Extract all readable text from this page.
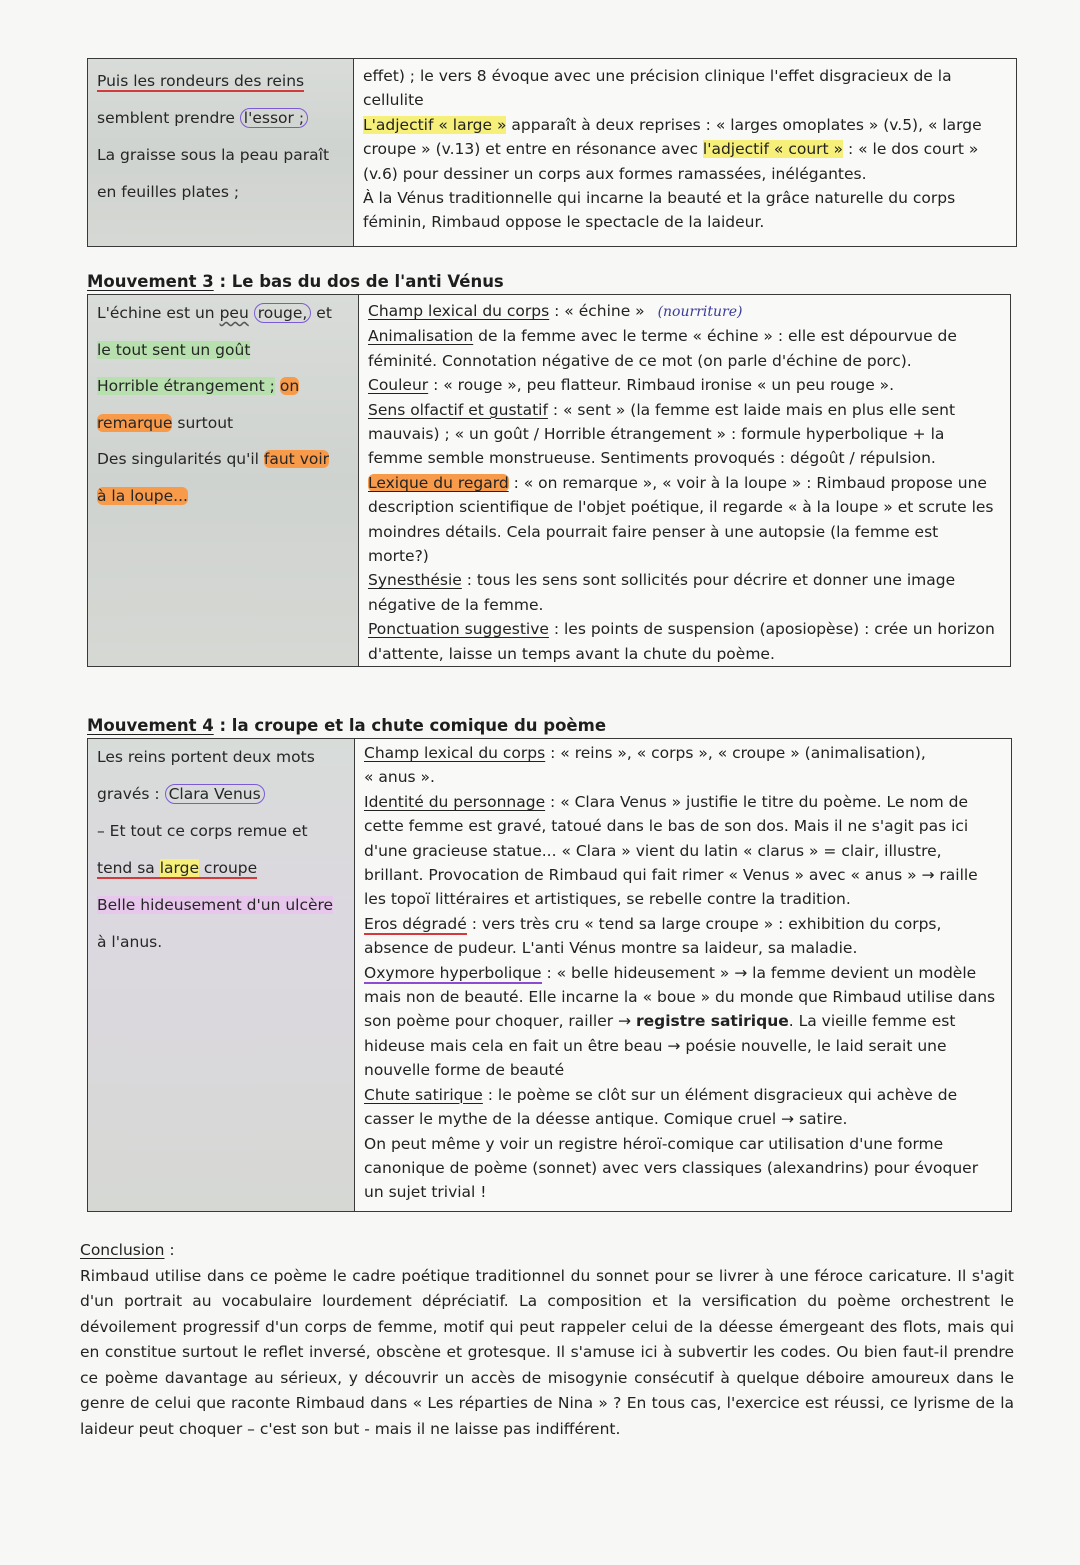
Puis les rondeurs des reins
semblent prendre l'essor ;
La graisse sous la peau paraît
en feuilles plates ;

effet) ; le vers 8 évoque avec une précision clinique l'effet disgracieux de la

cellulite

L'adjectif « large » apparaît à deux reprises : « larges omoplates » (v.5), « large

croupe » (v.13) et entre en résonance avec l'adjectif « court » : « le dos court »

(v.6) pour dessiner un corps aux formes ramassées, inélégantes.

À la Vénus traditionnelle qui incarne la beauté et la grâce naturelle du corps

féminin, Rimbaud oppose le spectacle de la laideur.

Mouvement 3 : Le bas du dos de l'anti Vénus
L'échine est un peu rouge, et
le tout sent un goût
Horrible étrangement ; on
remarque surtout
Des singularités qu'il faut voir
à la loupe...

Champ lexical du corps : « échine » (nourriture)

Animalisation de la femme avec le terme « échine » : elle est dépourvue de

féminité. Connotation négative de ce mot (on parle d'échine de porc).

Couleur : « rouge », peu flatteur. Rimbaud ironise « un peu rouge ».

Sens olfactif et gustatif : « sent » (la femme est laide mais en plus elle sent

mauvais) ; « un goût / Horrible étrangement » : formule hyperbolique + la

femme semble monstrueuse. Sentiments provoqués : dégoût / répulsion.

Lexique du regard : « on remarque », « voir à la loupe » : Rimbaud propose une

description scientifique de l'objet poétique, il regarde « à la loupe » et scrute les

moindres détails. Cela pourrait faire penser à une autopsie (la femme est

morte?)

Synesthésie : tous les sens sont sollicités pour décrire et donner une image

négative de la femme.

Ponctuation suggestive : les points de suspension (aposiopèse) : crée un horizon

d'attente, laisse un temps avant la chute du poème.

Mouvement 4 : la croupe et la chute comique du poème
Les reins portent deux mots
gravés : Clara Venus
– Et tout ce corps remue et
tend sa large croupe
Belle hideusement d'un ulcère
à l'anus.

Champ lexical du corps : « reins », « corps », « croupe » (animalisation),

« anus ».

Identité du personnage : « Clara Venus » justifie le titre du poème. Le nom de

cette femme est gravé, tatoué dans le bas de son dos. Mais il ne s'agit pas ici

d'une gracieuse statue... « Clara » vient du latin « clarus » = clair, illustre,

brillant. Provocation de Rimbaud qui fait rimer « Venus » avec « anus » → raille

les topoï littéraires et artistiques, se rebelle contre la tradition.

Eros dégradé : vers très cru « tend sa large croupe » : exhibition du corps,

absence de pudeur. L'anti Vénus montre sa laideur, sa maladie.

Oxymore hyperbolique : « belle hideusement » → la femme devient un modèle

mais non de beauté. Elle incarne la « boue » du monde que Rimbaud utilise dans

son poème pour choquer, railler → registre satirique. La vieille femme est

hideuse mais cela en fait un être beau → poésie nouvelle, le laid serait une

nouvelle forme de beauté

Chute satirique : le poème se clôt sur un élément disgracieux qui achève de

casser le mythe de la déesse antique. Comique cruel → satire.

On peut même y voir un registre héroï-comique car utilisation d'une forme

canonique de poème (sonnet) avec vers classiques (alexandrins) pour évoquer

un sujet trivial !

Conclusion :
Rimbaud utilise dans ce poème le cadre poétique traditionnel du sonnet pour se livrer à une féroce caricature. Il s'agit d'un portrait au vocabulaire lourdement dépréciatif. La composition et la versification du poème orchestrent le dévoilement progressif d'un corps de femme, motif qui peut rappeler celui de la déesse émergeant des flots, mais qui en constitue surtout le reflet inversé, obscène et grotesque. Il s'amuse ici à subvertir les codes. Ou bien faut-il prendre ce poème davantage au sérieux, y découvrir un accès de misogynie consécutif à quelque déboire amoureux dans le genre de celui que raconte Rimbaud dans « Les réparties de Nina » ? En tous cas, l'exercice est réussi, ce lyrisme de la laideur peut choquer – c'est son but - mais il ne laisse pas indifférent.
